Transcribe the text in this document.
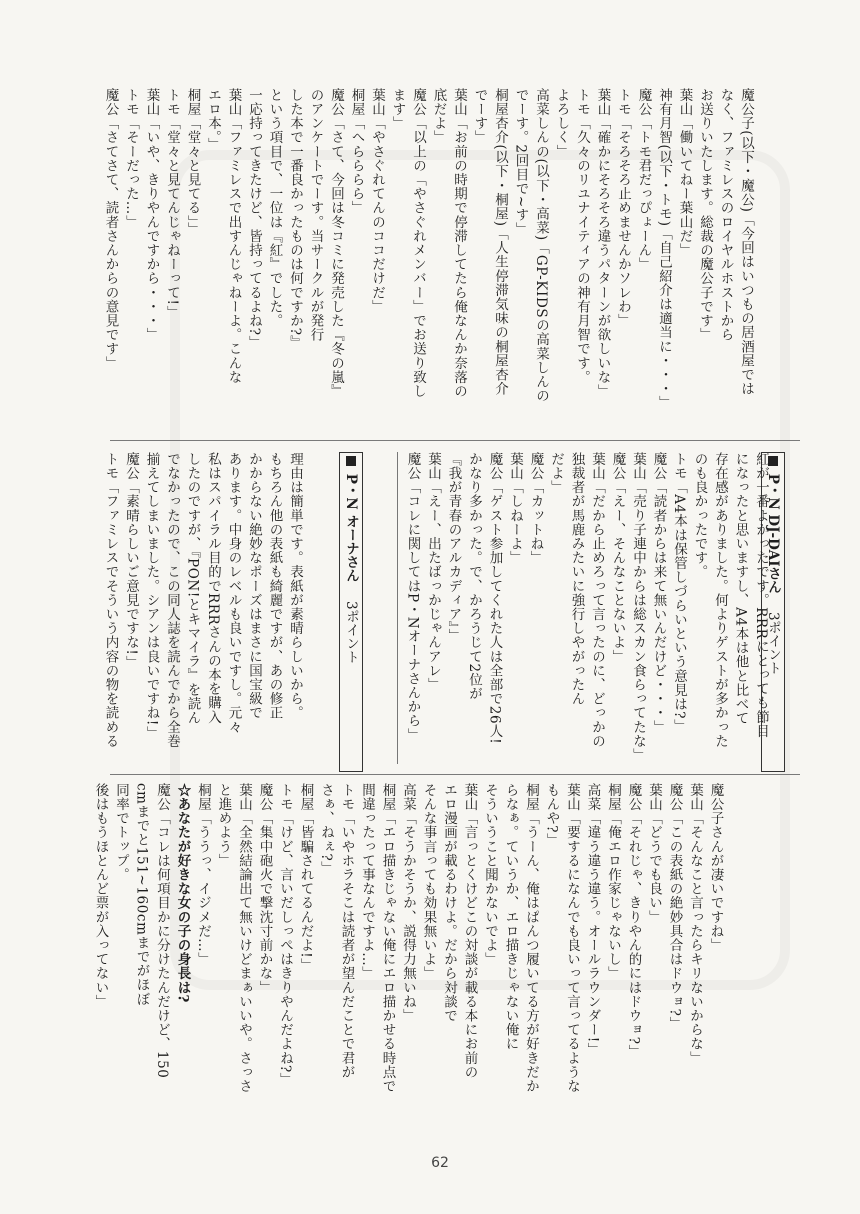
魔公子(以下・魔公)「今回はいつもの居酒屋では
なく、ファミレスのロイヤルホストから
お送りいたします。総裁の魔公子です」

葉山「働いてねー葉山だ」

神有月智(以下・トモ)「自己紹介は適当に・・・」

魔公「トモ君だっぴょーん」

トモ「そろそろ止めませんかソレわ」

葉山「確かにそろそろ違うパターンが欲しいな」

トモ「久々のリユナイティアの神有月智です。
よろしく」

高菜しんの(以下・高菜)「GP-KIDSの高菜しんの
でーす。2回目で~す」

桐屋杏介(以下・桐屋)「人生停滞気味の桐屋杏介
でーす」

葉山「お前の時期で停滞してたら俺なんか奈落の
底だよ」

魔公「以上の「やさぐれメンバー」でお送り致し
ます」

葉山「やさぐれてんのココだけだ」

桐屋「へらららら」

魔公「さて、今回は冬コミに発売した『冬の嵐』
のアンケートでーす。当サークルが発行
した本で一番良かったものは何ですか?』
という項目で、一位は『紅』でした。
一応持ってきたけど、皆持ってるよね?」

葉山「ファミレスで出すんじゃねーよ。こんな
エロ本。」

桐屋「堂々と見てる」」

トモ「堂々と見てんじゃねーって!」

葉山「いや、きりやんですから・・・」

トモ「そーだった…」

魔公「さてさて、読者さんからの意見です」

P・N DJ-DAIさん 3ポイント

紅が一番よかったです。RRRにとっても節目
になったと思いますし、A4本は他と比べて
存在感がありました。何よりゲストが多かった
のも良かったです。

トモ「A4本は保管しづらいという意見は?」

魔公「読者からは来て無いんだけど・・・」

葉山「売り子連中からは総スカン食らってたな」

魔公「えー、そんなことないよ」

葉山「だから止めろって言ったのに、どっかの
独裁者が馬鹿みたいに強行しやがったん
だよ」

魔公「カットね」

葉山「しねーよ」

魔公「ゲスト参加してくれた人は全部で26人!
かなり多かった。で、かろうじて2位が
『我が青春のアルカディア』」

葉山「えー、出たばっかじゃんアレ」

魔公「コレに関してはP・Nオーナさんから」

P・N オーナさん 3ポイント

理由は簡単です。表紙が素晴らしいから。
もちろん他の表紙も綺麗ですが、あの修正
かからない絶妙なポーズはまさに国宝級で
あります。中身のレベルも良いですし。元々
私はスパイラル目的でRRRさんの本を購入
したのですが、『PON!とキマイラ』を読ん
でなかったので、この同人誌を読んでから全巻
揃えてしまいました。シアンは良いですね!」

魔公「素晴らしいご意見ですな!」

トモ「ファミレスでそういう内容の物を読める

魔公子さんが凄いですね」

葉山「そんなこと言ったらキリないからな」

魔公「この表紙の絶妙具合はドウョ?」

葉山「どうでも良い」

魔公「それじゃ、きりやん的にはドウョ?」

桐屋「俺エロ作家じゃないし」

高菜「違う違う違う。オールラウンダー!」

葉山「要するになんでも良いって言ってるような
もんや?」

桐屋「うーん、俺はぱんつ履いてる方が好きだか
らなぁ。ていうか、エロ描きじゃない俺に
そういうこと聞かないでよ」

葉山「言っとくけどこの対談が載る本にお前の
エロ漫画が載るわけよ。だから対談で
そんな事言っても効果無いよ」

高菜「そうかそうか、説得力無いね」

桐屋「エロ描きじゃない俺にエロ描かせる時点で
間違ったって事なんですよ…」

トモ「いやホラそこは読者が望んだことで君が
さぁ、ねぇ?」

桐屋「皆騙されてるんだよ!」

トモ「けど、言いだしっぺはきりやんだよね?」

魔公「集中砲火で撃沈寸前かな」

葉山「全然結論出て無いけどまぁいいや。さっさ
と進めよう」

桐屋「ううっ、イジメだ…」

☆あなたが好きな女の子の身長は?

魔公「コレは何項目かに分けたんだけど、150
cmまでと151~160cmまでがほぼ
同率でトップ。

後はもうほとんど票が入ってない」

62
